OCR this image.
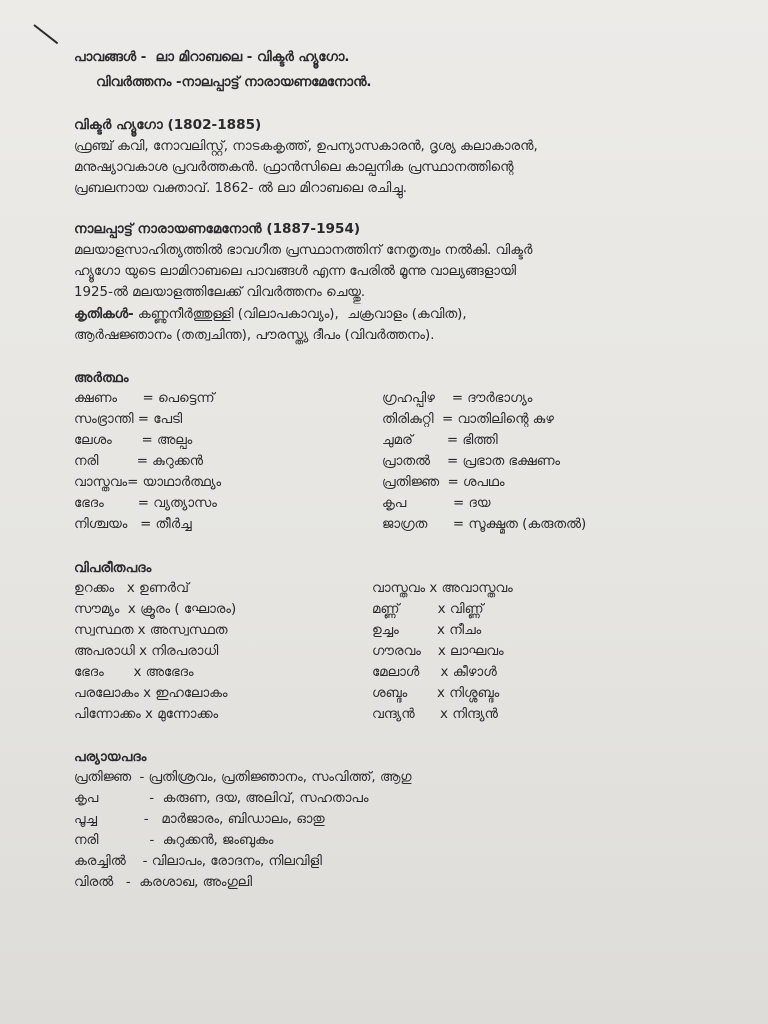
പാവങ്ങൾ -  ലാ മിറാബലെ - വിക്ടർ ഹ്യൂഗോ.
വിവർത്തനം -നാലപ്പാട്ട് നാരായണമേനോൻ.
വിക്ടർ ഹ്യൂഗോ (1802-1885)
ഫ്രഞ്ച് കവി, നോവലിസ്റ്റ്, നാടകകൃത്ത്, ഉപന്യാസകാരൻ, ദൃശ്യ കലാകാരൻ,
മനുഷ്യാവകാശ പ്രവർത്തകൻ. ഫ്രാൻസിലെ കാല്പനിക പ്രസ്ഥാനത്തിന്റെ
പ്രബലനായ വക്താവ്. 1862- ൽ ലാ മിറാബലെ രചിച്ചു.
നാലപ്പാട്ട് നാരായണമേനോൻ (1887-1954)
മലയാളസാഹിത്യത്തിൽ ഭാവഗീത പ്രസ്ഥാനത്തിന് നേതൃത്വം നൽകി. വിക്ടർ
ഹ്യൂഗോ യുടെ ലാമിറാബലെ പാവങ്ങൾ എന്ന പേരിൽ മൂന്നു വാല്യങ്ങളായി
1925-ൽ മലയാളത്തിലേക്ക് വിവർത്തനം ചെയ്തു.
കൃതികൾ- കണ്ണുനീർത്തുള്ളി (വിലാപകാവ്യം),  ചക്രവാളം (കവിത),
ആർഷജ്ഞാനം (തത്വചിന്ത), പൗരസ്ത്യ ദീപം (വിവർത്തനം).
അർത്ഥം
ക്ഷണം      = പെട്ടെന്ന്
സംഭ്രാന്തി = പേടി
ലേശം       = അല്പം
നരി         = കുറുക്കൻ
വാസ്തവം= യാഥാർത്ഥ്യം
ഭേദം        = വ്യത്യാസം
നിശ്ചയം   = തീർച്ച
ഗ്രഹപ്പിഴ    = ദൗർഭാഗ്യം
തിരികുറ്റി  = വാതിലിന്റെ കുഴ
ചുമര്        = ഭിത്തി
പ്രാതൽ    = പ്രഭാത ഭക്ഷണം
പ്രതിജ്ഞ  = ശപഥം
കൃപ           = ദയ
ജാഗ്രത      = സൂക്ഷ്മത (കരുതൽ)
വിപരീതപദം
ഉറക്കം   x ഉണർവ്
സൗമ്യം  x ക്രൂരം ( ഘോരം)
സ്വസ്ഥത x അസ്വസ്ഥത
അപരാധി x നിരപരാധി
ഭേദം       x അഭേദം
പരലോകം x ഇഹലോകം
പിന്നോക്കം x മുന്നോക്കം
വാസ്തവം x അവാസ്തവം
മണ്ണ്         x വിണ്ണ്
ഉച്ചം         x നീചം
ഗൗരവം    x ലാഘവം
മേലാൾ     x കീഴാൾ
ശബ്ദം       x നിശ്ശബ്ദം
വന്ദ്യൻ      x നിന്ദ്യൻ
പര്യായപദം
പ്രതിജ്ഞ  - പ്രതിശ്രവം, പ്രതിജ്ഞാനം, സംവിത്ത്, ആഗു
കൃപ            -  കരുണ, ദയ, അലിവ്, സഹതാപം
പൂച്ച           -   മാർജാരം, ബിഡാലം, ഓതു
നരി            -  കുറുക്കൻ, ജംബുകം
കരച്ചിൽ    - വിലാപം, രോദനം, നിലവിളി
വിരൽ   -  കരശാഖ, അംഗുലി
